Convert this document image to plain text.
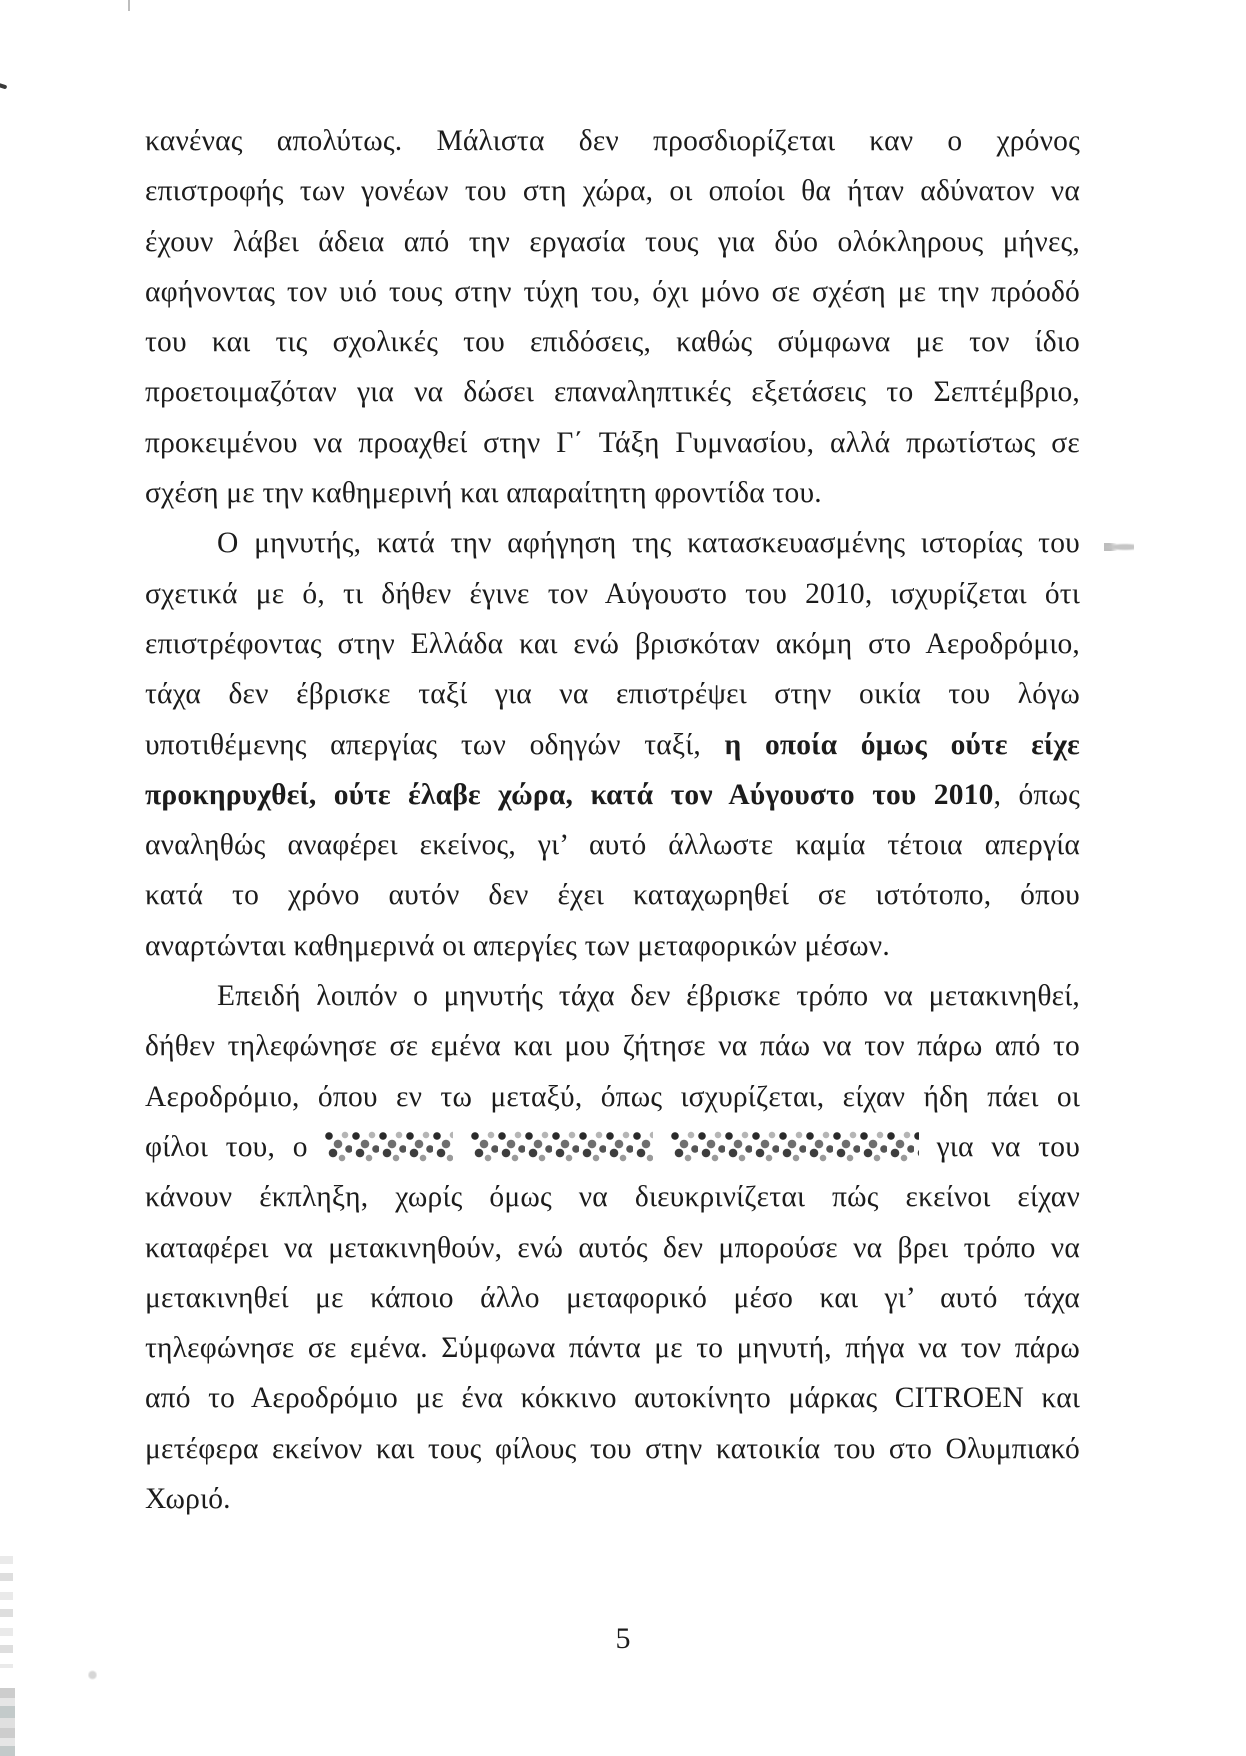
κανένας απολύτως. Μάλιστα δεν προσδιορίζεται καν ο χρόνος
επιστροφής των γονέων του στη χώρα, οι οποίοι θα ήταν αδύνατον να
έχουν λάβει άδεια από την εργασία τους για δύο ολόκληρους μήνες,
αφήνοντας τον υιό τους στην τύχη του, όχι μόνο σε σχέση με την πρόοδό
του και τις σχολικές του επιδόσεις, καθώς σύμφωνα με τον ίδιο
προετοιμαζόταν για να δώσει επαναληπτικές εξετάσεις το Σεπτέμβριο,
προκειμένου να προαχθεί στην Γ΄ Τάξη Γυμνασίου, αλλά πρωτίστως σε
σχέση με την καθημερινή και απαραίτητη φροντίδα του.
Ο μηνυτής, κατά την αφήγηση της κατασκευασμένης ιστορίας του
σχετικά με ό, τι δήθεν έγινε τον Αύγουστο του 2010, ισχυρίζεται ότι
επιστρέφοντας στην Ελλάδα και ενώ βρισκόταν ακόμη στο Αεροδρόμιο,
τάχα δεν έβρισκε ταξί για να επιστρέψει στην οικία του λόγω
υποτιθέμενης απεργίας των οδηγών ταξί, η οποία όμως ούτε είχε
προκηρυχθεί, ούτε έλαβε χώρα, κατά τον Αύγουστο του 2010, όπως
αναληθώς αναφέρει εκείνος, γι’ αυτό άλλωστε καμία τέτοια απεργία
κατά το χρόνο αυτόν δεν έχει καταχωρηθεί σε ιστότοπο, όπου
αναρτώνται καθημερινά οι απεργίες των μεταφορικών μέσων.
Επειδή λοιπόν ο μηνυτής τάχα δεν έβρισκε τρόπο να μετακινηθεί,
δήθεν τηλεφώνησε σε εμένα και μου ζήτησε να πάω να τον πάρω από το
Αεροδρόμιο, όπου εν τω μεταξύ, όπως ισχυρίζεται, είχαν ήδη πάει οι
φίλοι του, ο	για να του
κάνουν έκπληξη, χωρίς όμως να διευκρινίζεται πώς εκείνοι είχαν
καταφέρει να μετακινηθούν, ενώ αυτός δεν μπορούσε να βρει τρόπο να
μετακινηθεί με κάποιο άλλο μεταφορικό μέσο και γι’ αυτό τάχα
τηλεφώνησε σε εμένα. Σύμφωνα πάντα με το μηνυτή, πήγα να τον πάρω
από το Αεροδρόμιο με ένα κόκκινο αυτοκίνητο μάρκας CITROEN και
μετέφερα εκείνον και τους φίλους του στην κατοικία του στο Ολυμπιακό
Χωριό.
5
